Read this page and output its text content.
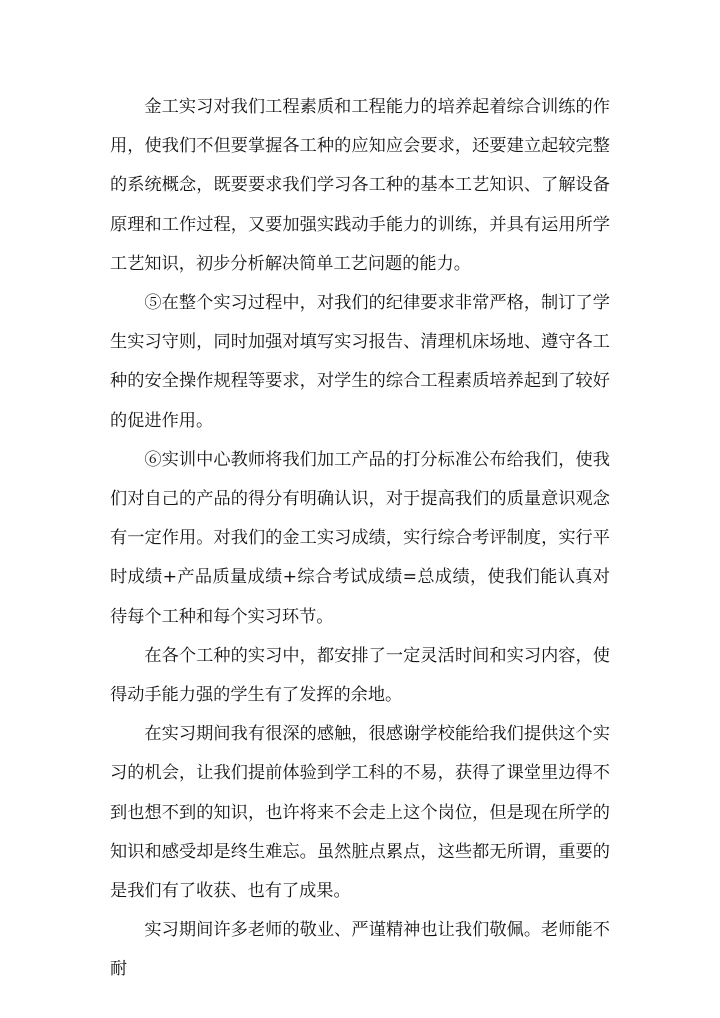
金工实习对我们工程素质和工程能力的培养起着综合训练的作用，使我们不但要掌握各工种的应知应会要求，还要建立起较完整的系统概念，既要要求我们学习各工种的基本工艺知识、了解设备原理和工作过程，又要加强实践动手能力的训练，并具有运用所学工艺知识，初步分析解决简单工艺问题的能力。

⑤在整个实习过程中，对我们的纪律要求非常严格，制订了学生实习守则，同时加强对填写实习报告、清理机床场地、遵守各工种的安全操作规程等要求，对学生的综合工程素质培养起到了较好的促进作用。

⑥实训中心教师将我们加工产品的打分标准公布给我们，使我们对自己的产品的得分有明确认识，对于提高我们的质量意识观念有一定作用。对我们的金工实习成绩，实行综合考评制度，实行平时成绩+产品质量成绩+综合考试成绩=总成绩，使我们能认真对待每个工种和每个实习环节。

在各个工种的实习中，都安排了一定灵活时间和实习内容，使得动手能力强的学生有了发挥的余地。

在实习期间我有很深的感触，很感谢学校能给我们提供这个实习的机会，让我们提前体验到学工科的不易，获得了课堂里边得不到也想不到的知识，也许将来不会走上这个岗位，但是现在所学的知识和感受却是终生难忘。虽然脏点累点，这些都无所谓，重要的是我们有了收获、也有了成果。

实习期间许多老师的敬业、严谨精神也让我们敬佩。老师能不耐
